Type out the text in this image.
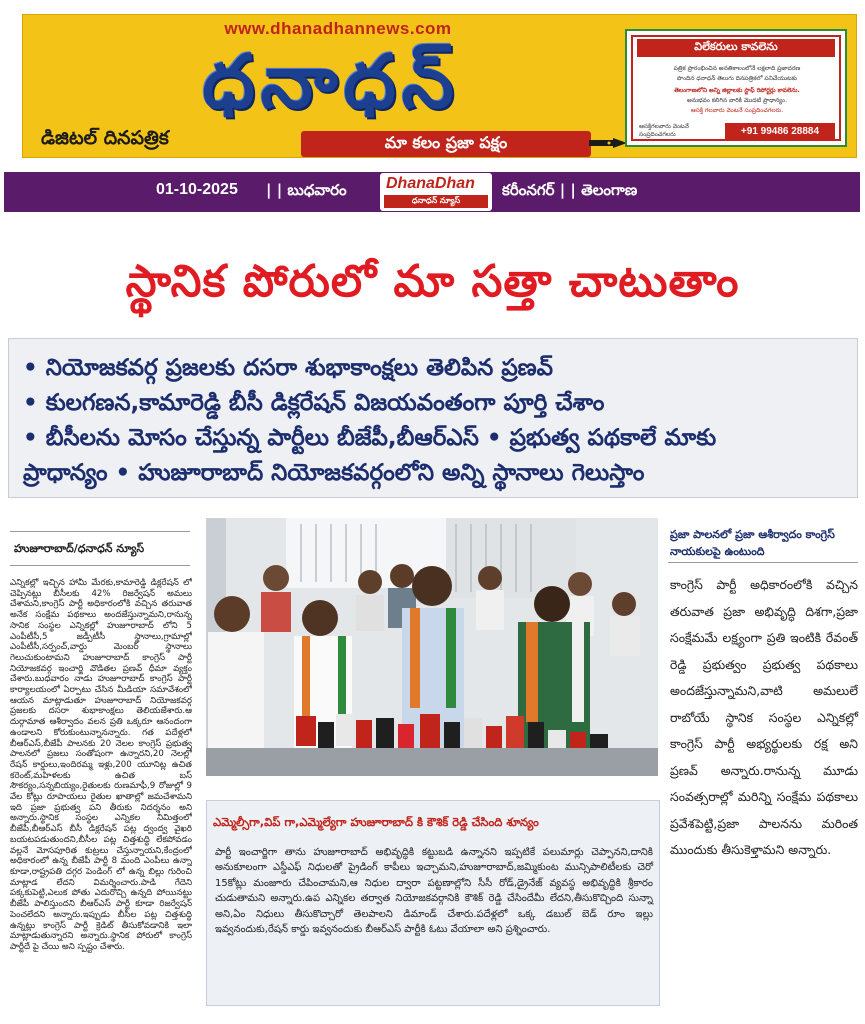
www.dhanadhannews.com
ధనాధన్
డిజిటల్ దినపత్రిక	మా కలం ప్రజా పక్షం
విలేకరులు కావలెను
పత్రిక ప్రారంభించిన అనతికాలంలోనే లక్షలాది ప్రజాదరణ
పొందిన ధనాధన్ తెలుగు దినపత్రికలో పనిచేయుటకు
తెలంగాణలోని అన్ని జిల్లాలకు స్టాఫ్ రిపోర్టర్లు కావలెను.
అనుభవం కలిగిన వారికి మొదటి ప్రాధాన్యం.
ఆసక్తి గలవారు వెంటనే సంప్రదించగలరు.
ఆసక్తిగలవారు వెంటనే సంప్రదించగలరు	+91 99486 28884
01-10-2025 | | బుధవారం DhanaDhan
ధనాధన్ న్యూస్
కరీంనగర్ | | తెలంగాణ
స్థానిక పోరులో మా సత్తా చాటుతాం
• నియోజకవర్గ ప్రజలకు దసరా శుభాకాంక్షలు తెలిపిన ప్రణవ్
• కులగణన,కామారెడ్డి బీసీ డిక్లరేషన్ విజయవంతంగా పూర్తి చేశాం
• బీసీలను మోసం చేస్తున్న పార్టీలు బీజేపీ,బీఆర్ఎస్ • ప్రభుత్వ పథకాలే మాకు
ప్రాధాన్యం • హుజూరాబాద్ నియోజకవర్గంలోని అన్ని స్థానాలు గెలుస్తాం
హుజూరాబాద్/ధనాధన్ న్యూస్
ఎన్నికల్లో ఇచ్చిన హామీ మేరకు,కామారెడ్డి డిక్లరేషన్ లో చెప్పినట్లు బీసీలకు 42% రిజర్వేషన్ అమలు చేశామని,కాంగ్రెస్ పార్టీ అధికారంలోకి వచ్చిన తరువాత అనేక సంక్షేమ పథకాలు అందజేస్తున్నామని,రానున్న సానిక సంస్థల ఎన్నికల్లో హుజూరాబాద్ లోని 5 ఎంపీటీసీ,5 జడ్పీటీసీ స్థానాలు,గ్రామాల్లో ఎంపీటీసీ,సర్పంచ్,వార్డు మెంబర్ స్థానాలు గెలుచుకుంటామని హుజూరాబాద్ కాంగ్రెస్ పార్టీ నియోజకవర్గ ఇంచార్జి వొడితల ప్రణవ్ ధీమా వ్యక్తం చేశారు.బుధవారం నాడు హుజూరాబాద్ కాంగ్రెస్ పార్టీ కార్యాలయంలో ఏర్పాటు చేసిన మీడియా సమావేశంలో ఆయన మాట్లాడుతూ హుజూరాబాద్ నియోజకవర్గ ప్రజలకు దసరా శుభాకాంక్షలు తెలియజేశారు.ఆ దుర్గామాత ఆశీర్వాదం వలన ప్రతి ఒక్కరూ ఆనందంగా ఉండాలని కోరుకుంటున్నానన్నారు. గత పదేళ్లలో బీఆర్ఎస్,బీజేపీ పాలనకు 20 నెలల కాంగ్రెస్ ప్రభుత్వ పాలనలో ప్రజలు సంతోషంగా ఉన్నారని,20 నెలల్లో రేషన్ కార్డులు,ఇందిరమ్మ ఇళ్లు,200 యూనిట్ల ఉచిత కరెంట్,మహిళలకు ఉచిత బస్ సౌకర్యం,సన్నబియ్యం,రైతులకు రుణమాఫీ,9 రోజుల్లో 9 వేల కోట్లు రూపాయలు రైతుల ఖాతాల్లో జమచేశామని ఇది ప్రజా ప్రభుత్వ పని తీరుకు నిదర్శనం అని అన్నారు.స్థానిక సంస్థల ఎన్నికల నిమిత్తంలో బీజేపీ,బీఆర్ఎస్ బీసీ డిక్లరేషన్ పట్ల ద్వంద్వ వైఖరి బయటపడుతుందని,బీసీల పట్ల చిత్తశుద్ధి లేకపోవడం వల్లనే మోసపూరిత కుట్రలు చేస్తున్నాయని,కేంద్రంలో అధికారంలో ఉన్న బీజేపీ పార్టీ 8 మంది ఎంపీలు ఉన్నా కూడా,రాష్ట్రపతి దగ్గర పెండింగ్ లో ఉన్న బిల్లు గురించి మాట్లాడ లేదని విమర్శించారు.పాడి గేదెని పక్కకుపెట్టి,ఎలుక పోతు ఎదురొచ్చి ఉన్నది పోయినట్టు బీజేపీ పాలిస్తుందని బీఆర్ఎస్ పార్టీ కూడా రిజర్వేషన్ పెంచలేదని అన్నారు.ఇప్పుడు బీసీల పట్ల చిత్తశుద్ధి ఉన్నట్లు కాంగ్రెస్ పార్టీ క్రెడిట్ తీసుకోవడానికి ఇలా మాట్లాడుతున్నారని అన్నారు.స్థానిక పోరులో కాంగ్రెస్ పార్టీదే పై చేయి అని స్పష్టం చేశారు.
ఎమ్మెల్సీగా,విప్ గా,ఎమ్మెల్యేగా హుజూరాబాద్ కి కౌశిక్ రెడ్డి చేసింది శూన్యం
పార్టీ ఇంచార్జిగా తాను హుజూరాబాద్ అభివృద్ధికి కట్టుబడి ఉన్నానని ఇప్పటికే పలుమార్లు చెప్పానని,దానికి అనుకూలంగా ఎస్డీఎఫ్ నిధులతో ప్రైడింగ్ కాపీలు ఇచ్చామని,హుజూరాబాద్,జమ్మికుంట మున్సిపాలిటీలకు చెరో 15కోట్లు మంజూరు చేపించామని,ఆ నిధుల ద్వారా పట్టణాల్లోని సీసీ రోడ్,డ్రైనేజ్ వ్యవస్థ అభివృద్ధికి శ్రీకారం చుడుతామని అన్నారు.ఉప ఎన్నికల తర్వాత నియోజకవర్గానికి కౌశిక్ రెడ్డి చేసిందేమీ లేదని,తీసుకొచ్చింది సున్నా అని,ఏం నిధులు తీసుకొచ్చారో తెలపాలని డిమాండ్ చేశారు.పదేళ్లలో ఒక్క డబుల్ బెడ్ రూం ఇల్లు ఇవ్వనందుకు,రేషన్ కార్డు ఇవ్వనందుకు బీఆర్ఎస్ పార్టీకి ఓటు వేయాలా అని ప్రశ్నించారు.
ప్రజా పాలనలో ప్రజా ఆశీర్వాదం కాంగ్రెస్ నాయకులపై ఉంటుంది
కాంగ్రెస్ పార్టీ అధికారంలోకి వచ్చిన తరువాత ప్రజా అభివృద్ధి దిశగా,ప్రజా సంక్షేమమే లక్ష్యంగా ప్రతి ఇంటికి రేవంత్ రెడ్డి ప్రభుత్వం ప్రభుత్వ పథకాలు అందజేస్తున్నామని,వాటి అమలులే రాబోయే స్థానిక సంస్థల ఎన్నికల్లో కాంగ్రెస్ పార్టీ అభ్యర్థులకు రక్ష అని ప్రణవ్ అన్నారు.రానున్న మూడు సంవత్సరాల్లో మరిన్ని సంక్షేమ పథకాలు ప్రవేశపెట్టి,ప్రజా పాలనను మరింత ముందుకు తీసుకెళ్తామని అన్నారు.
